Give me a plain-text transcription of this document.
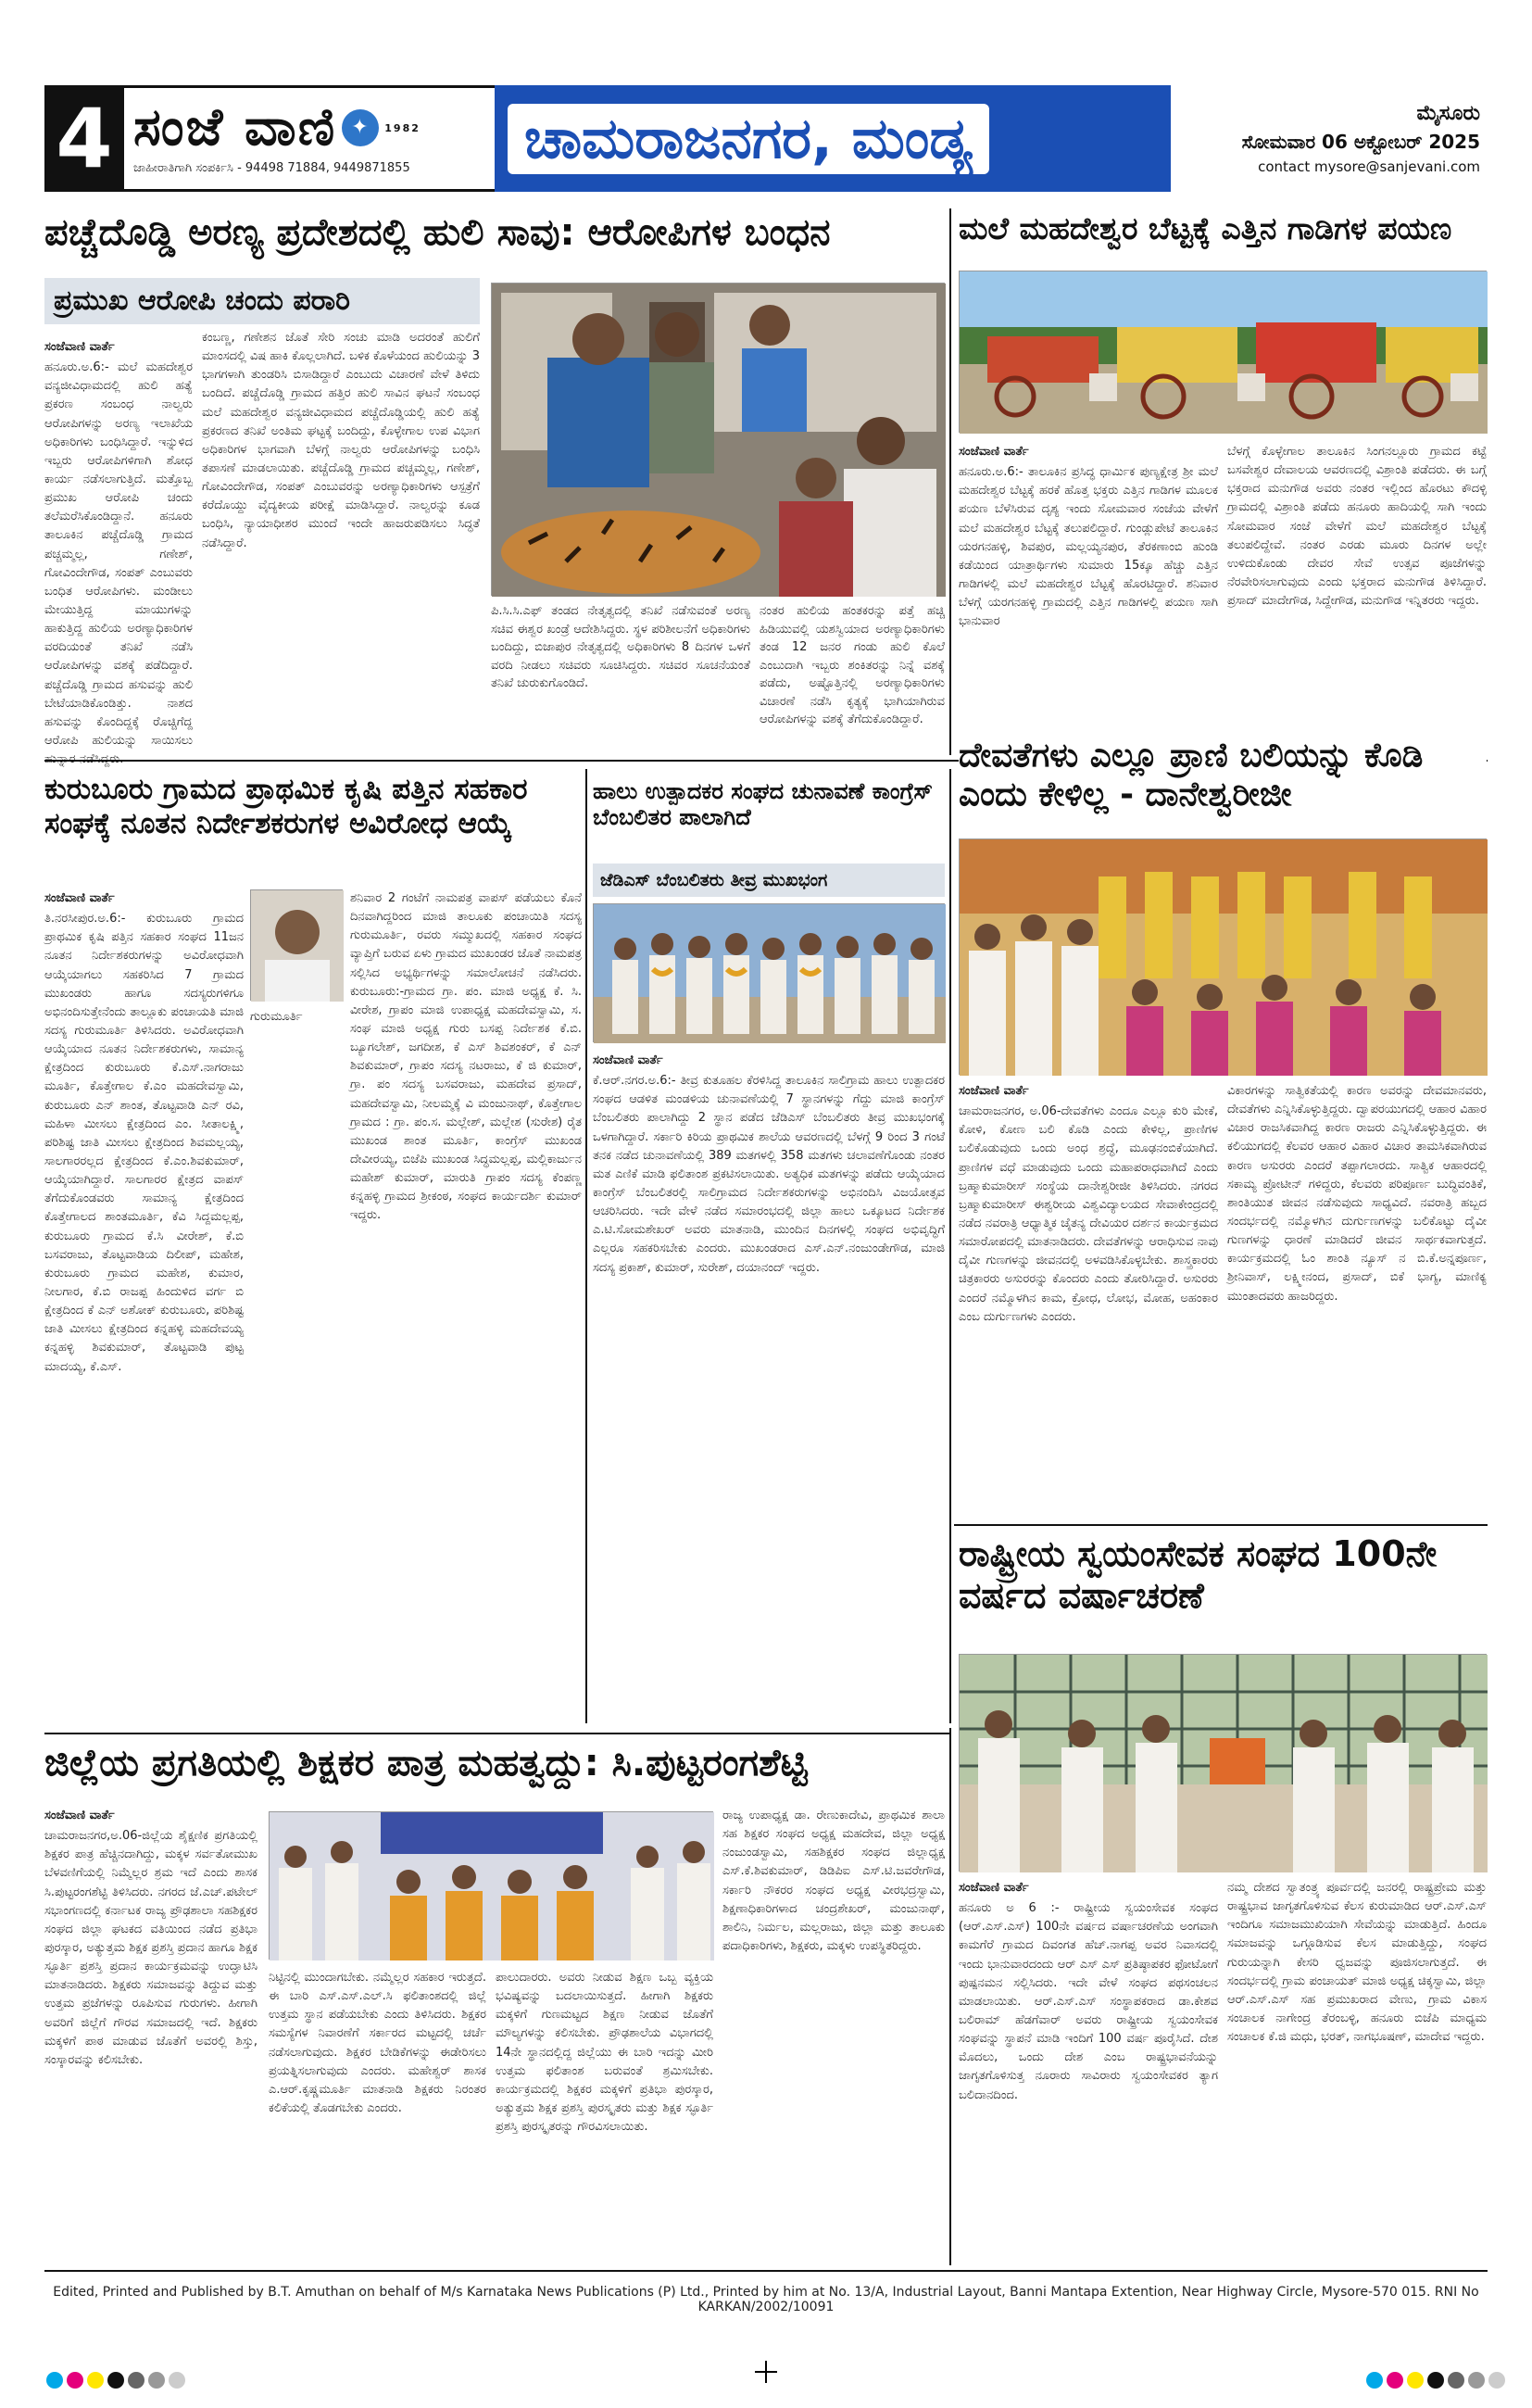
4 ಸಂಜೆ ವಾಣಿ ✦	1982
ಜಾಹೀರಾತಿಗಾಗಿ ಸಂಪರ್ಕಿಸಿ - 94498 71884, 9449871855	ಚಾಮರಾಜನಗರ, ಮಂಡ್ಯ	ಮೈಸೂರು
ಸೋಮವಾರ 06 ಅಕ್ಟೋಬರ್ 2025
contact mysore@sanjevani.com
ಪಚ್ಚೆದೊಡ್ಡಿ ಅರಣ್ಯ ಪ್ರದೇಶದಲ್ಲಿ ಹುಲಿ ಸಾವು: ಆರೋಪಿಗಳ ಬಂಧನ
ಪ್ರಮುಖ ಆರೋಪಿ ಚಂದು ಪರಾರಿ
ಸಂಜೆವಾಣಿ ವಾರ್ತೆ
ಹನೂರು.ಅ.6:- ಮಲೆ ಮಹದೇಶ್ವರ ವನ್ಯಜೀವಿಧಾಮದಲ್ಲಿ ಹುಲಿ ಹತ್ಯೆ ಪ್ರಕರಣ ಸಂಬಂಧ ನಾಲ್ವರು ಆರೋಪಿಗಳನ್ನು ಅರಣ್ಯ ಇಲಾಖೆಯ ಅಧಿಕಾರಿಗಳು ಬಂಧಿಸಿದ್ದಾರೆ. ಇನ್ನುಳಿದ ಇಬ್ಬರು ಆರೋಪಿಗಳಿಗಾಗಿ ಶೋಧ ಕಾರ್ಯ ನಡೆಸಲಾಗುತ್ತಿದೆ. ಮತ್ತೊಬ್ಬ ಪ್ರಮುಖ ಆರೋಪಿ ಚಂದು ತಲೆಮರೆಸಿಕೊಂಡಿದ್ದಾನೆ. ಹನೂರು ತಾಲೂಕಿನ ಪಚ್ಚೆದೊಡ್ಡಿ ಗ್ರಾಮದ ಪಚ್ಚಮ್ಮಲ್ಲ, ಗಣೇಶ್, ಗೋವಿಂದೇಗೌಡ, ಸಂಪತ್ ಎಂಬುವರು ಬಂಧಿತ ಆರೋಪಿಗಳು. ಮಂಡೀಲು ಮೇಯುತ್ತಿದ್ದ ಮಾಯುಗಳನ್ನು ಹಾಕುತ್ತಿದ್ದ ಹುಲಿಯ ಅರಣ್ಯಾಧಿಕಾರಿಗಳ ವರದಿಯಂತೆ ತನಿಖೆ ನಡೆಸಿ ಆರೋಪಿಗಳನ್ನು ವಶಕ್ಕೆ ಪಡೆದಿದ್ದಾರೆ. ಪಚ್ಚೆದೊಡ್ಡಿ ಗ್ರಾಮದ ಹಸುವನ್ನು ಹುಲಿ ಬೇಟೆಯಾಡಿಕೊಂಡಿತ್ತು. ನಾಶದ ಹಸುವನ್ನು ಕೊಂದಿದ್ದಕ್ಕೆ ರೊಚ್ಚಿಗೆದ್ದ ಆರೋಪಿ ಹುಲಿಯನ್ನು ಸಾಯಿಸಲು
ಕಂಬಣ್ಣ, ಗಣೇಶನ ಜೊತೆ ಸೇರಿ ಸಂಚು ಮಾಡಿ ಅದರಂತೆ ಹುಲಿಗೆ ಮಾಂಸದಲ್ಲಿ ವಿಷ ಹಾಕಿ ಕೊಲ್ಲಲಾಗಿದೆ. ಬಳಿಕ ಕೊಳೆಯಂದ ಹುಲಿಯನ್ನು 3 ಭಾಗಗಳಾಗಿ ತುಂಡರಿಸಿ ಬಿಸಾಡಿದ್ದಾರೆ ಎಂಬುದು ವಿಚಾರಣೆ ವೇಳೆ ತಿಳಿದು ಬಂದಿದೆ. ಪಚ್ಚೆದೊಡ್ಡಿ ಗ್ರಾಮದ ಹತ್ತಿರ ಹುಲಿ ಸಾವಿನ ಘಟನೆ ಸಂಬಂಧ ಮಲೆ ಮಹದೇಶ್ವರ ವನ್ಯಜೀವಿಧಾಮದ ಪಚ್ಚೆದೊಡ್ಡಿಯಲ್ಲಿ ಹುಲಿ ಹತ್ಯೆ ಪ್ರಕರಣದ ತನಿಖೆ ಅಂತಿಮ ಘಟ್ಟಕ್ಕೆ ಬಂದಿದ್ದು, ಕೊಳ್ಳೇಗಾಲ ಉಪ ವಿಭಾಗ ಅಧಿಕಾರಿಗಳ ಭಾಗವಾಗಿ ಬೆಳಗ್ಗೆ ನಾಲ್ವರು ಆರೋಪಿಗಳನ್ನು ಬಂಧಿಸಿ ತಪಾಸಣೆ ಮಾಡಲಾಯಿತು. ಪಚ್ಚೆದೊಡ್ಡಿ ಗ್ರಾಮದ ಪಚ್ಚಮ್ಮಲ್ಲ, ಗಣೇಶ್, ಗೋವಿಂದೇಗೌಡ, ಸಂಪತ್ ಎಂಬುವರನ್ನು ಅರಣ್ಯಾಧಿಕಾರಿಗಳು ಆಸ್ಪತ್ರೆಗೆ ಕರೆದೊಯ್ದು ವೈದ್ಯಕೀಯ ಪರೀಕ್ಷೆ ಮಾಡಿಸಿದ್ದಾರೆ. ನಾಲ್ವರನ್ನು ಕೂಡ ಬಂಧಿಸಿ, ನ್ಯಾಯಾಧೀಶರ ಮುಂದೆ ಇಂದೇ ಹಾಜರುಪಡಿಸಲು ಸಿದ್ಧತೆ ನಡೆಸಿದ್ದಾರೆ.
ಪಿ.ಸಿ.ಸಿ.ಎಫ್ ತಂಡದ ನೇತೃತ್ವದಲ್ಲಿ ತನಿಖೆ ನಡೆಸುವಂತೆ ಅರಣ್ಯ ಸಚಿವ ಈಶ್ವರ ಖಂಡ್ರೆ ಆದೇಶಿಸಿದ್ದರು. ಸ್ಥಳ ಪರಿಶೀಲನೆಗೆ ಅಧಿಕಾರಿಗಳು ಬಂದಿದ್ದು, ಬಿಜಾಪುರ ನೇತೃತ್ವದಲ್ಲಿ ಅಧಿಕಾರಿಗಳು 8 ದಿನಗಳ ಒಳಗೆ ವರದಿ ನೀಡಲು ಸಚಿವರು ಸೂಚಿಸಿದ್ದರು. ಸಚಿವರ ಸೂಚನೆಯಂತೆ ತನಿಖೆ ಚುರುಕುಗೊಂಡಿದೆ.
ನಂತರ ಹುಲಿಯ ಹಂತಕರನ್ನು ಪತ್ತೆ ಹಚ್ಚಿ ಹಿಡಿಯುವಲ್ಲಿ ಯಶಸ್ವಿಯಾದ ಅರಣ್ಯಾಧಿಕಾರಿಗಳು ತಂಡ 12 ಜನರ ಗಂಡು ಹುಲಿ ಕೊಲೆ ಎಂಬುದಾಗಿ ಇಬ್ಬರು ಶಂಕಿತರನ್ನು ನಿನ್ನೆ ವಶಕ್ಕೆ ಪಡೆದು, ಅಷ್ಟೊತ್ತಿನಲ್ಲಿ ಅರಣ್ಯಾಧಿಕಾರಿಗಳು ವಿಚಾರಣೆ ನಡೆಸಿ ಕೃತ್ಯಕ್ಕೆ ಭಾಗಿಯಾಗಿರುವ ಆರೋಪಿಗಳನ್ನು ವಶಕ್ಕೆ ತೆಗೆದುಕೊಂಡಿದ್ದಾರೆ.
ಮಲೆ ಮಹದೇಶ್ವರ ಬೆಟ್ಟಕ್ಕೆ ಎತ್ತಿನ ಗಾಡಿಗಳ ಪಯಣ
ಸಂಜೆವಾಣಿ ವಾರ್ತೆ
ಹನೂರು.ಅ.6:- ತಾಲೂಕಿನ ಪ್ರಸಿದ್ಧ ಧಾರ್ಮಿಕ ಪುಣ್ಯಕ್ಷೇತ್ರ ಶ್ರೀ ಮಲೆ ಮಹದೇಶ್ವರ ಬೆಟ್ಟಕ್ಕೆ ಹರಕೆ ಹೊತ್ತ ಭಕ್ತರು ಎತ್ತಿನ ಗಾಡಿಗಳ ಮೂಲಕ ಪಯಣ ಬೆಳೆಸಿರುವ ದೃಶ್ಯ ಇಂದು ಸೋಮವಾರ ಸಂಜೆಯ ವೇಳೆಗೆ ಮಲೆ ಮಹದೇಶ್ವರ ಬೆಟ್ಟಕ್ಕೆ ತಲುಪಲಿದ್ದಾರೆ. ಗುಂಡ್ಲುಪೇಟೆ ತಾಲೂಕಿನ ಯರಗನಹಳ್ಳಿ, ಶಿವಪುರ, ಮಲ್ಲಯ್ಯನಪುರ, ತೆರಕಣಾಂಬಿ ಹುಂಡಿ ಕಡೆಯಿಂದ ಯಾತ್ರಾರ್ಥಿಗಳು ಸುಮಾರು 15ಕ್ಕೂ ಹೆಚ್ಚು ಎತ್ತಿನ ಗಾಡಿಗಳಲ್ಲಿ ಮಲೆ ಮಹದೇಶ್ವರ ಬೆಟ್ಟಕ್ಕೆ ಹೊರಟಿದ್ದಾರೆ. ಶನಿವಾರ ಬೆಳಗ್ಗೆ ಯರಗನಹಳ್ಳಿ ಗ್ರಾಮದಲ್ಲಿ ಎತ್ತಿನ ಗಾಡಿಗಳಲ್ಲಿ ಪಯಣ ಸಾಗಿ ಭಾನುವಾರ
ಬೆಳಗ್ಗೆ ಕೊಳ್ಳೇಗಾಲ ತಾಲೂಕಿನ ಸಿಂಗನಲ್ಲೂರು ಗ್ರಾಮದ ಕಟ್ಟೆ ಬಸವೇಶ್ವರ ದೇವಾಲಯ ಆವರಣದಲ್ಲಿ ವಿಶ್ರಾಂತಿ ಪಡೆದರು. ಈ ಬಗ್ಗೆ ಭಕ್ತರಾದ ಮನುಗೌಡ ಅವರು ನಂತರ ಇಲ್ಲಿಂದ ಹೊರಟು ಕೌದಳ್ಳಿ ಗ್ರಾಮದಲ್ಲಿ ವಿಶ್ರಾಂತಿ ಪಡೆದು ಹನೂರು ಹಾದಿಯಲ್ಲಿ ಸಾಗಿ ಇಂದು ಸೋಮವಾರ ಸಂಜೆ ವೇಳೆಗೆ ಮಲೆ ಮಹದೇಶ್ವರ ಬೆಟ್ಟಕ್ಕೆ ತಲುಪಲಿದ್ದೇವೆ. ನಂತರ ಎರಡು ಮೂರು ದಿನಗಳ ಅಲ್ಲೇ ಉಳಿದುಕೊಂಡು ದೇವರ ಸೇವೆ ಉತ್ಸವ ಪೂಜೆಗಳನ್ನು ನೆರವೇರಿಸಲಾಗುವುದು ಎಂದು ಭಕ್ತರಾದ ಮನುಗೌಡ ತಿಳಿಸಿದ್ದಾರೆ. ಪ್ರಸಾದ್ ಮಾದೇಗೌಡ, ಸಿದ್ದೇಗೌಡ, ಮನುಗೌಡ ಇನ್ನಿತರರು ಇದ್ದರು.
ಕುರುಬೂರು ಗ್ರಾಮದ ಪ್ರಾಥಮಿಕ ಕೃಷಿ ಪತ್ತಿನ ಸಹಕಾರ ಸಂಘಕ್ಕೆ ನೂತನ ನಿರ್ದೇಶಕರುಗಳ ಅವಿರೋಧ ಆಯ್ಕೆ
ಸಂಜೆವಾಣಿ ವಾರ್ತೆ
ತಿ.ನರಸೀಪುರ.ಅ.6:- ಕುರುಬೂರು ಗ್ರಾಮದ ಪ್ರಾಥಮಿಕ ಕೃಷಿ ಪತ್ತಿನ ಸಹಕಾರ ಸಂಘದ 11ಜನ ನೂತನ ನಿರ್ದೇಶಕರುಗಳನ್ನು ಅವಿರೋಧವಾಗಿ ಆಯ್ಕೆಯಾಗಲು ಸಹಕರಿಸಿದ 7 ಗ್ರಾಮದ ಮುಖಂಡರು ಹಾಗೂ ಸದಸ್ಯರುಗಳಿಗೂ ಅಭಿನಂದಿಸುತ್ತೇನೆಂದು ತಾಲ್ಲೂಕು ಪಂಚಾಯತಿ ಮಾಜಿ ಸದಸ್ಯ ಗುರುಮೂರ್ತಿ ತಿಳಿಸಿದರು. ಅವಿರೋಧವಾಗಿ ಆಯ್ಕೆಯಾದ ನೂತನ ನಿರ್ದೇಶಕರುಗಳು, ಸಾಮಾನ್ಯ ಕ್ಷೇತ್ರದಿಂದ ಕುರುಬೂರು ಕೆ.ಎಸ್.ನಾಗರಾಜು ಮೂರ್ತಿ, ಕೊತ್ತೇಗಾಲ ಕೆ.ಎಂ ಮಹದೇವಸ್ವಾಮಿ, ಕುರುಬೂರು ಎನ್ ಶಾಂತ, ತೊಟ್ಟವಾಡಿ ಎನ್ ರವಿ, ಮಹಿಳಾ ಮೀಸಲು ಕ್ಷೇತ್ರದಿಂದ ಎಂ. ಸೀತಾಲಕ್ಷ್ಮಿ, ಪರಿಶಿಷ್ಟ ಜಾತಿ ಮೀಸಲು ಕ್ಷೇತ್ರದಿಂದ ಶಿವಮಲ್ಲಯ್ಯ, ಸಾಲಗಾರರಲ್ಲದ ಕ್ಷೇತ್ರದಿಂದ ಕೆ.ಎಂ.ಶಿವಕುಮಾರ್, ಆಯ್ಕೆಯಾಗಿದ್ದಾರೆ. ಸಾಲಗಾರರ ಕ್ಷೇತ್ರದ ವಾಪಸ್ ತೆಗೆದುಕೊಂಡವರು ಸಾಮಾನ್ಯ ಕ್ಷೇತ್ರದಿಂದ ಕೊತ್ತೇಗಾಲದ ಶಾಂತಮೂರ್ತಿ, ಕೆವಿ ಸಿದ್ದಮಲ್ಲಪ್ಪ, ಕುರುಬೂರು ಗ್ರಾಮದ ಕೆ.ಸಿ ವೀರೇಶ್, ಕೆ.ಬಿ ಬಸವರಾಜು, ತೊಟ್ಟವಾಡಿಯ ದಿಲೀಪ್, ಮಹೇಶ, ಕುರುಬೂರು ಗ್ರಾಮದ ಮಹೇಶ, ಕುಮಾರ, ನೀಲಗಾರ, ಕೆ.ಬಿ ರಾಜಪ್ಪ ಹಿಂದುಳಿದ ವರ್ಗ ಬಿ ಕ್ಷೇತ್ರದಿಂದ ಕೆ ಎನ್ ಅಶೋಕ್ ಕುರುಬೂರು, ಪರಿಶಿಷ್ಟ ಜಾತಿ ಮೀಸಲು ಕ್ಷೇತ್ರದಿಂದ ಕನ್ನಹಳ್ಳಿ ಮಹದೇವಯ್ಯ ಕನ್ನಹಳ್ಳಿ ಶಿವಕುಮಾರ್, ತೊಟ್ಟವಾಡಿ ಪುಟ್ಟ ಮಾದಯ್ಯ, ಕೆ.ಎಸ್.
ಶನಿವಾರ 2 ಗಂಟೆಗೆ ನಾಮಪತ್ರ ವಾಪಸ್ ಪಡೆಯಲು ಕೊನೆ ದಿನವಾಗಿದ್ದರಿಂದ ಮಾಜಿ ತಾಲೂಕು ಪಂಚಾಯಿತಿ ಸದಸ್ಯ ಗುರುಮೂರ್ತಿ, ರವರು ಸಮ್ಮುಖದಲ್ಲಿ ಸಹಕಾರ ಸಂಘದ ವ್ಯಾಪ್ತಿಗೆ ಬರುವ ಏಳು ಗ್ರಾಮದ ಮುಖಂಡರ ಜೊತೆ ನಾಮಪತ್ರ ಸಲ್ಲಿಸಿದ ಅಭ್ಯರ್ಥಿಗಳನ್ನು ಸಮಾಲೋಚನೆ ನಡೆಸಿದರು. ಕುರುಬೂರು:-ಗ್ರಾಮದ ಗ್ರಾ. ಪಂ. ಮಾಜಿ ಅಧ್ಯಕ್ಷ ಕೆ. ಸಿ. ವೀರೇಶ, ಗ್ರಾಪಂ ಮಾಜಿ ಉಪಾಧ್ಯಕ್ಷ ಮಹದೇವಸ್ವಾಮಿ, ಸ. ಸಂಘ ಮಾಜಿ ಅಧ್ಯಕ್ಷ ಗುರು ಬಸಪ್ಪ ನಿರ್ದೇಶಕ ಕೆ.ಬಿ. ಬ್ಯೂಗಲೇಶ್, ಜಗದೀಶ, ಕೆ ಎಸ್ ಶಿವಶಂಕರ್, ಕೆ ಎನ್ ಶಿವಕುಮಾರ್, ಗ್ರಾಪಂ ಸದಸ್ಯ ನಟರಾಜು, ಕೆ ಜಿ ಕುಮಾರ್, ಗ್ರಾ. ಪಂ ಸದಸ್ಯ ಬಸವರಾಜು, ಮಹದೇವ ಪ್ರಸಾದ್, ಮಹದೇವಸ್ವಾಮಿ, ನೀಲಮ್ಮಕ್ಕೆ ವಿ ಮಂಜುನಾಥ್, ಕೊತ್ತೇಗಾಲ ಗ್ರಾಮದ : ಗ್ರಾ. ಪಂ.ಸ. ಮಲ್ಲೇಶ್, ಮಲ್ಲೇಶ (ಸುರೇಶ) ರೈತ ಮುಖಂಡ ಶಾಂತ ಮೂರ್ತಿ, ಕಾಂಗ್ರೆಸ್ ಮುಖಂಡ ದೇವೀರಯ್ಯ, ಬಿಜೆಪಿ ಮುಖಂಡ ಸಿದ್ಧಮಲ್ಲಪ್ಪ, ಮಲ್ಲಿಕಾರ್ಜುನ ಮಹೇಶ್ ಕುಮಾರ್, ಮಾರುತಿ ಗ್ರಾಪಂ ಸದಸ್ಯ ಕೆಂಪಣ್ಣ ಕನ್ನಹಳ್ಳಿ ಗ್ರಾಮದ ಶ್ರೀಕಂಠ, ಸಂಘದ ಕಾರ್ಯದರ್ಶಿ ಕುಮಾರ್ ಇದ್ದರು.
ಗುರುಮೂರ್ತಿ
ಹಾಲು ಉತ್ಪಾದಕರ ಸಂಘದ ಚುನಾವಣೆ ಕಾಂಗ್ರೆಸ್ ಬೆಂಬಲಿತರ ಪಾಲಾಗಿದೆ
ಜೆಡಿಎಸ್ ಬೆಂಬಲಿತರು ತೀವ್ರ ಮುಖಭಂಗ
ಸಂಜೆವಾಣಿ ವಾರ್ತೆ
ಕೆ.ಆರ್.ನಗರ.ಅ.6:- ತೀವ್ರ ಕುತೂಹಲ ಕೆರಳಿಸಿದ್ದ ತಾಲೂಕಿನ ಸಾಲಿಗ್ರಾಮ ಹಾಲು ಉತ್ಪಾದಕರ ಸಂಘದ ಆಡಳಿತ ಮಂಡಳಿಯ ಚುನಾವಣೆಯಲ್ಲಿ 7 ಸ್ಥಾನಗಳನ್ನು ಗೆದ್ದು ಮಾಜಿ ಕಾಂಗ್ರೆಸ್ ಬೆಂಬಲಿತರು ಪಾಲಾಗಿದ್ದು 2 ಸ್ಥಾನ ಪಡೆದ ಜೆಡಿಎಸ್ ಬೆಂಬಲಿತರು ತೀವ್ರ ಮುಖಭಂಗಕ್ಕೆ ಒಳಗಾಗಿದ್ದಾರೆ. ಸರ್ಕಾರಿ ಕಿರಿಯ ಪ್ರಾಥಮಿಕ ಶಾಲೆಯ ಆವರಣದಲ್ಲಿ ಬೆಳಗ್ಗೆ 9 ರಿಂದ 3 ಗಂಟೆ ತನಕ ನಡೆದ ಚುನಾವಣೆಯಲ್ಲಿ 389 ಮತಗಳಲ್ಲಿ 358 ಮತಗಳು ಚಲಾವಣೆಗೊಂಡು ನಂತರ ಮತ ಎಣಿಕೆ ಮಾಡಿ ಫಲಿತಾಂಶ ಪ್ರಕಟಿಸಲಾಯಿತು. ಅತ್ಯಧಿಕ ಮತಗಳನ್ನು ಪಡೆದು ಆಯ್ಕೆಯಾದ ಕಾಂಗ್ರೆಸ್ ಬೆಂಬಲಿತರಲ್ಲಿ ಸಾಲಿಗ್ರಾಮದ ನಿರ್ದೇಶಕರುಗಳನ್ನು ಅಭಿನಂದಿಸಿ ವಿಜಯೋತ್ಸವ ಆಚರಿಸಿದರು. ಇದೇ ವೇಳೆ ನಡೆದ ಸಮಾರಂಭದಲ್ಲಿ ಜಿಲ್ಲಾ ಹಾಲು ಒಕ್ಕೂಟದ ನಿರ್ದೇಶಕ ಎ.ಟಿ.ಸೋಮಶೇಖರ್ ಅವರು ಮಾತನಾಡಿ, ಮುಂದಿನ ದಿನಗಳಲ್ಲಿ ಸಂಘದ ಅಭಿವೃದ್ಧಿಗೆ ಎಲ್ಲರೂ ಸಹಕರಿಸಬೇಕು ಎಂದರು. ಮುಖಂಡರಾದ ಎಸ್.ಎನ್.ನಂಜುಂಡೇಗೌಡ, ಮಾಜಿ ಸದಸ್ಯ ಪ್ರಕಾಶ್, ಕುಮಾರ್, ಸುರೇಶ್, ದಯಾನಂದ್ ಇದ್ದರು.
ದೇವತೆಗಳು ಎಲ್ಲೂ ಪ್ರಾಣಿ ಬಲಿಯನ್ನು ಕೊಡಿ ಎಂದು ಕೇಳಿಲ್ಲ - ದಾನೇಶ್ವರೀಜೀ
ಸಂಜೆವಾಣಿ ವಾರ್ತೆ
ಚಾಮರಾಜನಗರ, ಅ.06-ದೇವತೆಗಳು ಎಂದೂ ಎಲ್ಲೂ ಕುರಿ ಮೇಕೆ, ಕೋಳಿ, ಕೋಣ ಬಲಿ ಕೊಡಿ ಎಂದು ಕೇಳಿಲ್ಲ, ಪ್ರಾಣಿಗಳ ಬಲಿಕೊಡುವುದು ಒಂದು ಅಂಧ ಶ್ರದ್ಧೆ, ಮೂಢನಂಬಿಕೆಯಾಗಿದೆ. ಪ್ರಾಣಿಗಳ ವಧೆ ಮಾಡುವುದು ಒಂದು ಮಹಾಪರಾಧವಾಗಿದೆ ಎಂದು ಬ್ರಹ್ಮಾಕುಮಾರೀಸ್ ಸಂಸ್ಥೆಯ ದಾನೇಶ್ವರೀಜೀ ತಿಳಿಸಿದರು. ನಗರದ ಬ್ರಹ್ಮಾಕುಮಾರೀಸ್ ಈಶ್ವರೀಯ ವಿಶ್ವವಿದ್ಯಾಲಯದ ಸೇವಾಕೇಂದ್ರದಲ್ಲಿ ನಡೆದ ನವರಾತ್ರಿ ಆಧ್ಯಾತ್ಮಿಕ ಚೈತನ್ಯ ದೇವಿಯರ ದರ್ಶನ ಕಾರ್ಯಕ್ರಮದ ಸಮಾರೋಪದಲ್ಲಿ ಮಾತನಾಡಿದರು. ದೇವತೆಗಳನ್ನು ಆರಾಧಿಸುವ ನಾವು ದೈವೀ ಗುಣಗಳನ್ನು ಜೀವನದಲ್ಲಿ ಅಳವಡಿಸಿಕೊಳ್ಳಬೇಕು. ಶಾಸ್ತ್ರಕಾರರು ಚಿತ್ರಕಾರರು ಅಸುರರನ್ನು ಕೊಂದರು ಎಂದು ತೋರಿಸಿದ್ದಾರೆ. ಅಸುರರು ಎಂದರೆ ನಮ್ಮೊಳಗಿನ ಕಾಮ, ಕ್ರೋಧ, ಲೋಭ, ಮೋಹ, ಅಹಂಕಾರ ಎಂಬ ದುರ್ಗುಣಗಳು ಎಂದರು.
ವಿಕಾರಗಳನ್ನು ಸಾತ್ವಿಕತೆಯಲ್ಲಿ ಕಾರಣ ಅವರನ್ನು ದೇವಮಾನವರು, ದೇವತೆಗಳು ಎನ್ನಿಸಿಕೊಳ್ಳುತ್ತಿದ್ದರು. ದ್ವಾಪರಯುಗದಲ್ಲಿ ಆಹಾರ ವಿಹಾರ ವಿಚಾರ ರಾಜಸಿಕವಾಗಿದ್ದ ಕಾರಣ ರಾಜರು ಎನ್ನಿಸಿಕೊಳ್ಳುತ್ತಿದ್ದರು. ಈ ಕಲಿಯುಗದಲ್ಲಿ ಕೆಲವರ ಆಹಾರ ವಿಹಾರ ವಿಚಾರ ತಾಮಸಿಕವಾಗಿರುವ ಕಾರಣ ಅಸುರರು ಎಂದರೆ ತಪ್ಪಾಗಲಾರದು. ಸಾತ್ವಿಕ ಆಹಾರದಲ್ಲಿ ಸಕಾಮ್ಯ ಪ್ರೋಟೀನ್ ಗಳಿದ್ದರು, ಕೆಲವರು ಪರಿಪೂರ್ಣ ಬುದ್ಧಿವಂತಿಕೆ, ಶಾಂತಿಯುತ ಜೀವನ ನಡೆಸುವುದು ಸಾಧ್ಯವಿದೆ. ನವರಾತ್ರಿ ಹಬ್ಬದ ಸಂದರ್ಭದಲ್ಲಿ ನಮ್ಮೊಳಗಿನ ದುರ್ಗುಣಗಳನ್ನು ಬಲಿಕೊಟ್ಟು ದೈವೀ ಗುಣಗಳನ್ನು ಧಾರಣೆ ಮಾಡಿದರೆ ಜೀವನ ಸಾರ್ಥಕವಾಗುತ್ತದೆ. ಕಾರ್ಯಕ್ರಮದಲ್ಲಿ ಓಂ ಶಾಂತಿ ನ್ಯೂಸ್ ನ ಬಿ.ಕೆ.ಅನ್ನಪೂರ್ಣ, ಶ್ರೀನಿವಾಸ್, ಲಕ್ಷ್ಮೀನಂದ, ಪ್ರಸಾದ್, ಬಿಕೆ ಭಾಗ್ಯ, ಮಾಣಿಕ್ಯ ಮುಂತಾದವರು ಹಾಜರಿದ್ದರು.
ರಾಷ್ಟ್ರೀಯ ಸ್ವಯಂಸೇವಕ ಸಂಘದ 100ನೇ ವರ್ಷದ ವರ್ಷಾಚರಣೆ
ಸಂಜೆವಾಣಿ ವಾರ್ತೆ
ಹನೂರು ಅ 6 :- ರಾಷ್ಟ್ರೀಯ ಸ್ವಯಂಸೇವಕ ಸಂಘದ (ಆರ್.ಎಸ್.ಎಸ್) 100ನೇ ವರ್ಷದ ವರ್ಷಾಚರಣೆಯ ಅಂಗವಾಗಿ ಕಾಮಗೆರೆ ಗ್ರಾಮದ ದಿವಂಗತ ಹೆಚ್.ನಾಗಪ್ಪ ಅವರ ನಿವಾಸದಲ್ಲಿ ಇಂದು ಭಾನುವಾರದಂದು ಆರ್ ಎಸ್ ಎಸ್ ಪ್ರತಿಷ್ಠಾಪಕರ ಫೋಟೋಗೆ ಪುಷ್ಪನಮನ ಸಲ್ಲಿಸಿದರು. ಇದೇ ವೇಳೆ ಸಂಘದ ಪಥಸಂಚಲನ ಮಾಡಲಾಯಿತು. ಆರ್.ಎಸ್.ಎಸ್ ಸಂಸ್ಥಾಪಕರಾದ ಡಾ.ಕೇಶವ ಬಲಿರಾಮ್ ಹೆಡಗೆವಾರ್ ಅವರು ರಾಷ್ಟ್ರೀಯ ಸ್ವಯಂಸೇವಕ ಸಂಘವನ್ನು ಸ್ಥಾಪನೆ ಮಾಡಿ ಇಂದಿಗೆ 100 ವರ್ಷ ಪೂರೈಸಿದೆ. ದೇಶ ಮೊದಲು, ಒಂದು ದೇಶ ಎಂಬ ರಾಷ್ಟ್ರಭಾವನೆಯನ್ನು ಜಾಗೃತಗೊಳಿಸುತ್ತ ನೂರಾರು ಸಾವಿರಾರು ಸ್ವಯಂಸೇವಕರ ತ್ಯಾಗ ಬಲಿದಾನದಿಂದ.
ನಮ್ಮ ದೇಶದ ಸ್ವಾತಂತ್ರ್ಯ ಪೂರ್ವದಲ್ಲಿ ಜನರಲ್ಲಿ ರಾಷ್ಟ್ರಪ್ರೇಮ ಮತ್ತು ರಾಷ್ಟ್ರಭಾವ ಜಾಗೃತಗೊಳಿಸುವ ಕೆಲಸ ಕುರುಮಾಡಿದ ಆರ್.ಎಸ್.ಎಸ್ ಇಂದಿಗೂ ಸಮಾಜಮುಖಿಯಾಗಿ ಸೇವೆಯನ್ನು ಮಾಡುತ್ತಿದೆ. ಹಿಂದೂ ಸಮಾಜವನ್ನು ಒಗ್ಗೂಡಿಸುವ ಕೆಲಸ ಮಾಡುತ್ತಿದ್ದು, ಸಂಘದ ಗುರುಯನ್ನಾಗಿ ಕೇಸರಿ ಧ್ವಜವನ್ನು ಪೂಜಿಸಲಾಗುತ್ತದೆ. ಈ ಸಂದರ್ಭದಲ್ಲಿ ಗ್ರಾಮ ಪಂಚಾಯತ್ ಮಾಜಿ ಅಧ್ಯಕ್ಷ ಚಿಕ್ಕಸ್ವಾಮಿ, ಜಿಲ್ಲಾ ಆರ್.ಎಸ್.ಎಸ್ ಸಹ ಪ್ರಮುಖರಾದ ವೇಣು, ಗ್ರಾಮ ವಿಕಾಸ ಸಂಚಾಲಕ ನಾಗೇಂದ್ರ ತೆರಂಬಳ್ಳಿ, ಹನೂರು ಬಿಜೆಪಿ ಮಾಧ್ಯಮ ಸಂಚಾಲಕ ಕೆ.ಜಿ ಮಧು, ಭರತ್, ನಾಗಭೂಷಣ್, ಮಾದೇವ ಇದ್ದರು.
ಜಿಲ್ಲೆಯ ಪ್ರಗತಿಯಲ್ಲಿ ಶಿಕ್ಷಕರ ಪಾತ್ರ ಮಹತ್ವದ್ದು: ಸಿ.ಪುಟ್ಟರಂಗಶೆಟ್ಟಿ
ಸಂಜೆವಾಣಿ ವಾರ್ತೆ
ಚಾಮರಾಜನಗರ,ಅ.06-ಜಿಲ್ಲೆಯ ಶೈಕ್ಷಣಿಕ ಪ್ರಗತಿಯಲ್ಲಿ ಶಿಕ್ಷಕರ ಪಾತ್ರ ಹೆಚ್ಚಿನದಾಗಿದ್ದು, ಮಕ್ಕಳ ಸರ್ವತೋಮುಖ ಬೆಳವಣಿಗೆಯಲ್ಲಿ ನಿಮ್ಮೆಲ್ಲರ ಶ್ರಮ ಇದೆ ಎಂದು ಶಾಸಕ ಸಿ.ಪುಟ್ಟರಂಗಶೆಟ್ಟಿ ತಿಳಿಸಿದರು. ನಗರದ ಜೆ.ಎಚ್.ಪಟೇಲ್ ಸಭಾಂಗಣದಲ್ಲಿ ಕರ್ನಾಟಕ ರಾಜ್ಯ ಪ್ರೌಢಶಾಲಾ ಸಹಶಿಕ್ಷಕರ ಸಂಘದ ಜಿಲ್ಲಾ ಘಟಕದ ವತಿಯಿಂದ ನಡೆದ ಪ್ರತಿಭಾ ಪುರಸ್ಕಾರ, ಅತ್ಯುತ್ತಮ ಶಿಕ್ಷಕ ಪ್ರಶಸ್ತಿ ಪ್ರದಾನ ಹಾಗೂ ಶಿಕ್ಷಕ ಸ್ಫೂರ್ತಿ ಪ್ರಶಸ್ತಿ ಪ್ರದಾನ ಕಾರ್ಯಕ್ರಮವನ್ನು ಉದ್ಘಾಟಿಸಿ ಮಾತನಾಡಿದರು. ಶಿಕ್ಷಕರು ಸಮಾಜವನ್ನು ತಿದ್ದುವ ಮತ್ತು ಉತ್ತಮ ಪ್ರಜೆಗಳನ್ನು ರೂಪಿಸುವ ಗುರುಗಳು. ಹೀಗಾಗಿ ಅವರಿಗೆ ಜಿಲ್ಲೆಗೆ ಗೌರವ ಸಮಾಜದಲ್ಲಿ ಇದೆ. ಶಿಕ್ಷಕರು ಮಕ್ಕಳಿಗೆ ಪಾಠ ಮಾಡುವ ಜೊತೆಗೆ ಅವರಲ್ಲಿ ಶಿಸ್ತು, ಸಂಸ್ಕಾರವನ್ನು ಕಲಿಸಬೇಕು.
ನಿಟ್ಟಿನಲ್ಲಿ ಮುಂದಾಗಬೇಕು. ನಮ್ಮೆಲ್ಲರ ಸಹಕಾರ ಇರುತ್ತದೆ. ಈ ಬಾರಿ ಎಸ್.ಎಸ್.ಎಲ್.ಸಿ ಫಲಿತಾಂಶದಲ್ಲಿ ಜಿಲ್ಲೆ ಉತ್ತಮ ಸ್ಥಾನ ಪಡೆಯಬೇಕು ಎಂದು ತಿಳಿಸಿದರು. ಶಿಕ್ಷಕರ ಸಮಸ್ಯೆಗಳ ನಿವಾರಣೆಗೆ ಸರ್ಕಾರದ ಮಟ್ಟದಲ್ಲಿ ಚರ್ಚೆ ನಡೆಸಲಾಗುವುದು. ಶಿಕ್ಷಕರ ಬೇಡಿಕೆಗಳನ್ನು ಈಡೇರಿಸಲು ಪ್ರಯತ್ನಿಸಲಾಗುವುದು ಎಂದರು. ಮಹೇಶ್ವರ್ ಶಾಸಕ ಎ.ಆರ್.ಕೃಷ್ಣಮೂರ್ತಿ ಮಾತನಾಡಿ ಶಿಕ್ಷಕರು ನಿರಂತರ ಕಲಿಕೆಯಲ್ಲಿ ತೊಡಗಬೇಕು ಎಂದರು.
ಪಾಲುದಾರರು. ಅವರು ನೀಡುವ ಶಿಕ್ಷಣ ಒಬ್ಬ ವ್ಯಕ್ತಿಯ ಭವಿಷ್ಯವನ್ನು ಬದಲಾಯಿಸುತ್ತದೆ. ಹೀಗಾಗಿ ಶಿಕ್ಷಕರು ಮಕ್ಕಳಿಗೆ ಗುಣಮಟ್ಟದ ಶಿಕ್ಷಣ ನೀಡುವ ಜೊತೆಗೆ ಮೌಲ್ಯಗಳನ್ನು ಕಲಿಸಬೇಕು. ಪ್ರೌಢಶಾಲೆಯ ವಿಭಾಗದಲ್ಲಿ 14ನೇ ಸ್ಥಾನದಲ್ಲಿದ್ದ ಜಿಲ್ಲೆಯು ಈ ಬಾರಿ ಇದನ್ನು ಮೀರಿ ಉತ್ತಮ ಫಲಿತಾಂಶ ಬರುವಂತೆ ಶ್ರಮಿಸಬೇಕು. ಕಾರ್ಯಕ್ರಮದಲ್ಲಿ ಶಿಕ್ಷಕರ ಮಕ್ಕಳಿಗೆ ಪ್ರತಿಭಾ ಪುರಸ್ಕಾರ, ಅತ್ಯುತ್ತಮ ಶಿಕ್ಷಕ ಪ್ರಶಸ್ತಿ ಪುರಸ್ಕೃತರು ಮತ್ತು ಶಿಕ್ಷಕ ಸ್ಫೂರ್ತಿ ಪ್ರಶಸ್ತಿ ಪುರಸ್ಕೃತರನ್ನು ಗೌರವಿಸಲಾಯಿತು.
ರಾಜ್ಯ ಉಪಾಧ್ಯಕ್ಷ ಡಾ. ರೇಣುಕಾದೇವಿ, ಪ್ರಾಥಮಿಕ ಶಾಲಾ ಸಹ ಶಿಕ್ಷಕರ ಸಂಘದ ಅಧ್ಯಕ್ಷ ಮಹದೇವ, ಜಿಲ್ಲಾ ಅಧ್ಯಕ್ಷ ನಂಜುಂಡಸ್ವಾಮಿ, ಸಹಶಿಕ್ಷಕರ ಸಂಘದ ಜಿಲ್ಲಾಧ್ಯಕ್ಷ ಎಸ್.ಕೆ.ಶಿವಕುಮಾರ್, ಡಿಡಿಪಿಐ ಎಸ್.ಟಿ.ಜವರೇಗೌಡ, ಸರ್ಕಾರಿ ನೌಕರರ ಸಂಘದ ಅಧ್ಯಕ್ಷ ವೀರಭದ್ರಸ್ವಾಮಿ, ಶಿಕ್ಷಣಾಧಿಕಾರಿಗಳಾದ ಚಂದ್ರಶೇಖರ್, ಮಂಜುನಾಥ್, ಶಾಲಿನಿ, ನಿರ್ಮಲ, ಮಲ್ಲರಾಜು, ಜಿಲ್ಲಾ ಮತ್ತು ತಾಲೂಕು ಪದಾಧಿಕಾರಿಗಳು, ಶಿಕ್ಷಕರು, ಮಕ್ಕಳು ಉಪಸ್ಥಿತರಿದ್ದರು.
Edited, Printed and Published by B.T. Amuthan on behalf of M/s Karnataka News Publications (P) Ltd., Printed by him at No. 13/A, Industrial Layout, Banni Mantapa Extention, Near Highway Circle, Mysore-570 015. RNI No KARKAN/2002/10091
